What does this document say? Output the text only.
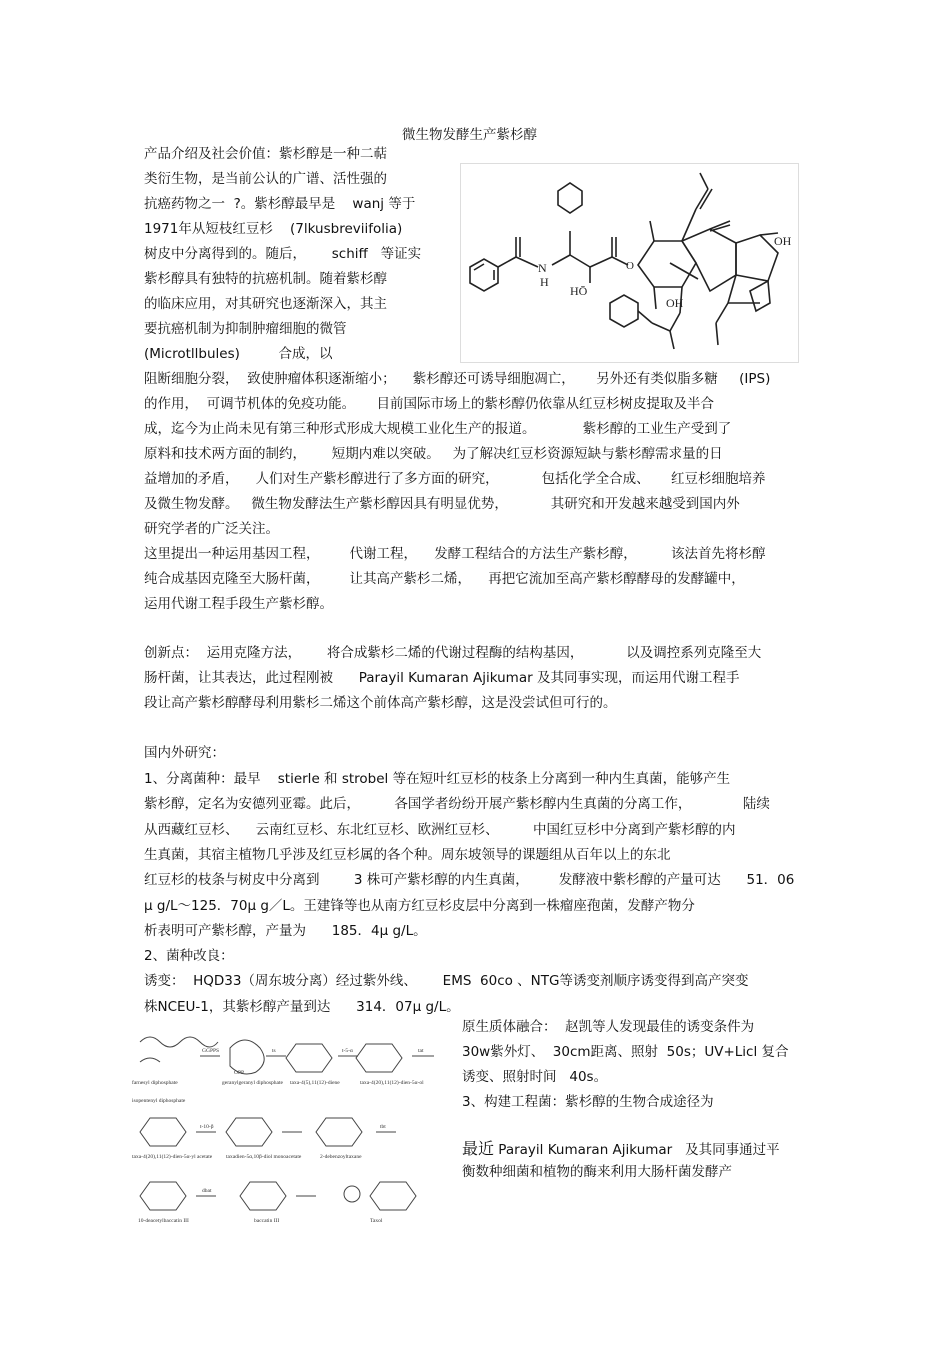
微生物发酵生产紫杉醇
产品介绍及社会价值：紫杉醇是一种二萜
类衍生物，是当前公认的广谱、活性强的
抗癌药物之一  ?。紫杉醇最早是    wanj 等于
1971年从短枝红豆杉    (7lkusbreviifolia)
树皮中分离得到的。随后，      schiff   等证实
紫杉醇具有独特的抗癌机制。随着紫杉醇
的临床应用，对其研究也逐渐深入，其主
要抗癌机制为抑制肿瘤细胞的微管
(Microtllbules)         合成，以
阻断细胞分裂，  致使肿瘤体积逐渐缩小；    紫杉醇还可诱导细胞凋亡，     另外还有类似脂多糖     (IPS)
的作用，  可调节机体的免疫功能。     目前国际市场上的紫杉醇仍依靠从红豆杉树皮提取及半合
成，迄今为止尚未见有第三种形式形成大规模工业化生产的报道。           紫杉醇的工业生产受到了
原料和技术两方面的制约，      短期内难以突破。   为了解决红豆杉资源短缺与紫杉醇需求量的日
益增加的矛盾，    人们对生产紫杉醇进行了多方面的研究，          包括化学全合成、     红豆杉细胞培养
及微生物发酵。   微生物发酵法生产紫杉醇因具有明显优势，          其研究和开发越来越受到国内外
研究学者的广泛关注。
这里提出一种运用基因工程，       代谢工程，    发酵工程结合的方法生产紫杉醇，        该法首先将杉醇
纯合成基因克隆至大肠杆菌，       让其高产紫杉二烯，    再把它流加至高产紫杉醇酵母的发酵罐中，
运用代谢工程手段生产紫杉醇。
创新点：  运用克隆方法，      将合成紫杉二烯的代谢过程酶的结构基因，          以及调控系列克隆至大
肠杆菌，让其表达，此过程刚被      Parayil Kumaran Ajikumar 及其同事实现，而运用代谢工程手
段让高产紫杉醇酵母利用紫杉二烯这个前体高产紫杉醇，这是没尝试但可行的。
国内外研究：
1、分离菌种：最早    stierle 和 strobel 等在短叶红豆杉的枝条上分离到一种内生真菌，能够产生
紫杉醇，定名为安德列亚霉。此后，        各国学者纷纷开展产紫杉醇内生真菌的分离工作，            陆续
从西藏红豆杉、    云南红豆杉、东北红豆杉、欧洲红豆杉、        中国红豆杉中分离到产紫杉醇的内
生真菌，其宿主植物几乎涉及红豆杉属的各个种。周东坡领导的课题组从百年以上的东北
红豆杉的枝条与树皮中分离到        3 株可产紫杉醇的内生真菌，       发酵液中紫杉醇的产量可达      51．06
μ g/L～125．70μ g／L。王建锋等也从南方红豆杉皮层中分离到一株瘤座孢菌，发酵产物分
析表明可产紫杉醇，产量为      185．4μ g/L。
2、菌种改良：
诱变：  HQD33（周东坡分离）经过紫外线、      EMS  60co 、NTG等诱变剂顺序诱变得到高产突变
株NCEU-1，其紫杉醇产量到达      314．07μ g/L。
原生质体融合：  赵凯等人发现最佳的诱变条件为
30w紫外灯、  30cm距离、照射  50s；UV+Licl 复合
诱变、照射时间   40s。
3、构建工程菌：紫杉醇的生物合成途径为
最近 Parayil Kumaran Ajikumar   及其同事通过平
衡数种细菌和植物的酶来利用大肠杆菌发酵产
N
H
HŌ
O
OH
OH
farnesyl diphosphate
isopentenyl diphosphate
geranylgeranyl diphosphate taxa-4(5),11(12)-diene	taxa-4(20),11(12)-dien-5α-ol
taxa-4(20),11(12)-dien-5α-yl acetate	taxadien-5α,10β-diol monoacetate	2-debenzoyltaxane
10-deacetylbaccatin III	baccatin III	Taxol
GGPPS	ts	t-5-α	tat
t-10-β	tbt
dbat
OPP
